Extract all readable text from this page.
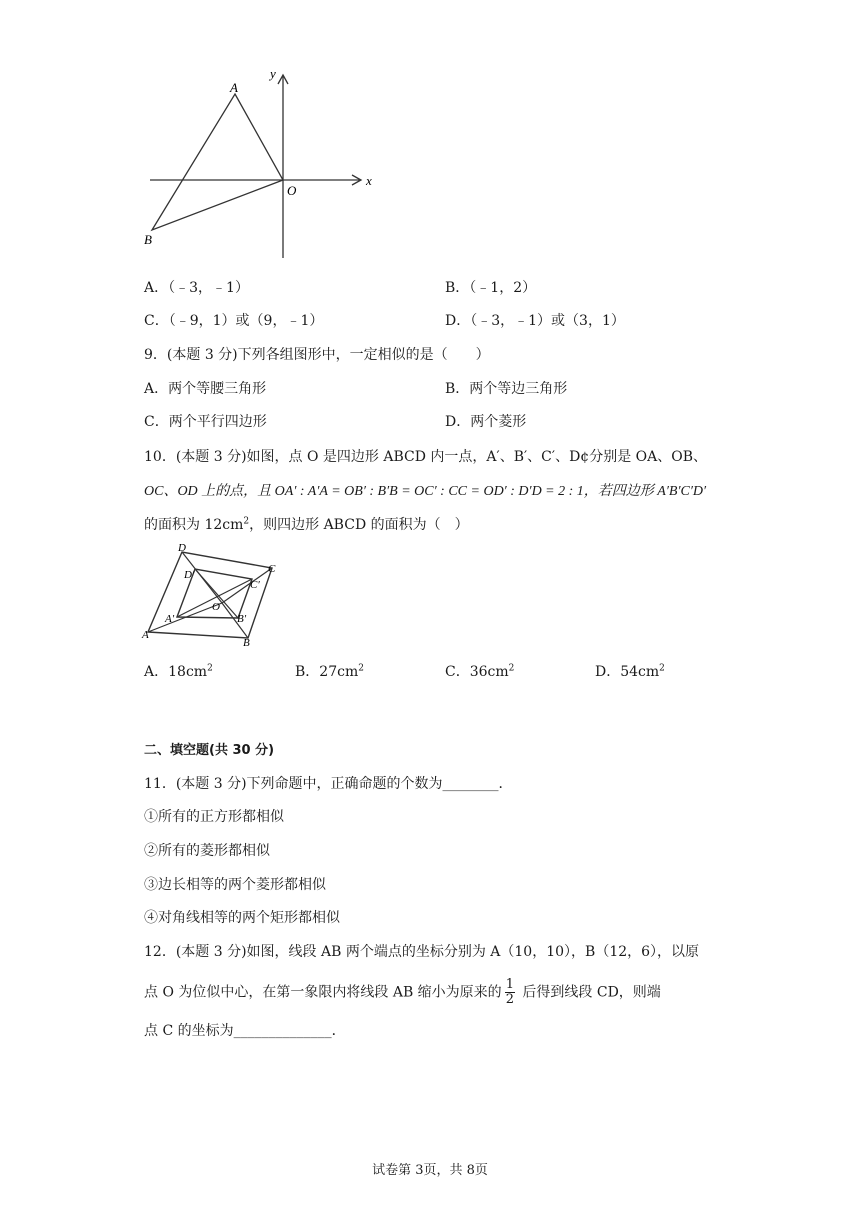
A
B
O
x
y
A．（﹣3，﹣1）	B．（﹣1，2）
C．（﹣9，1）或（9，﹣1）	D．（﹣3，﹣1）或（3，1）
9．(本题 3 分)下列各组图形中，一定相似的是（　　）
A．两个等腰三角形	B．两个等边三角形
C．两个平行四边形	D．两个菱形
10．(本题 3 分)如图，点 O 是四边形 ABCD 内一点，A′、B′、C′、D¢分别是 OA、OB、
OC、OD 上的点，且 OA′ : A′A = OB′ : B′B = OC′ : CC = OD′ : D′D = 2 : 1，若四边形 A′B′C′D′
的面积为 $12cm^2$，则四边形 ABCD 的面积为（　）
A
B
C
D
O
A′	B′
C′
D′
A．$18cm^2$	B．$27cm^2$	C．$36cm^2$	D．$54cm^2$
二、填空题(共 30 分)
11．(本题 3 分)下列命题中，正确命题的个数为________．
①所有的正方形都相似
②所有的菱形都相似
③边长相等的两个菱形都相似
④对角线相等的两个矩形都相似
12．(本题 3 分)如图，线段 AB 两个端点的坐标分别为 A（10，10），B（12，6），以原
点 O 为位似中心，在第一象限内将线段 AB 缩小为原来的 $\frac{1}{2}$ 后得到线段 CD，则端
点 C 的坐标为______________．
试卷第 3页，共 8页
